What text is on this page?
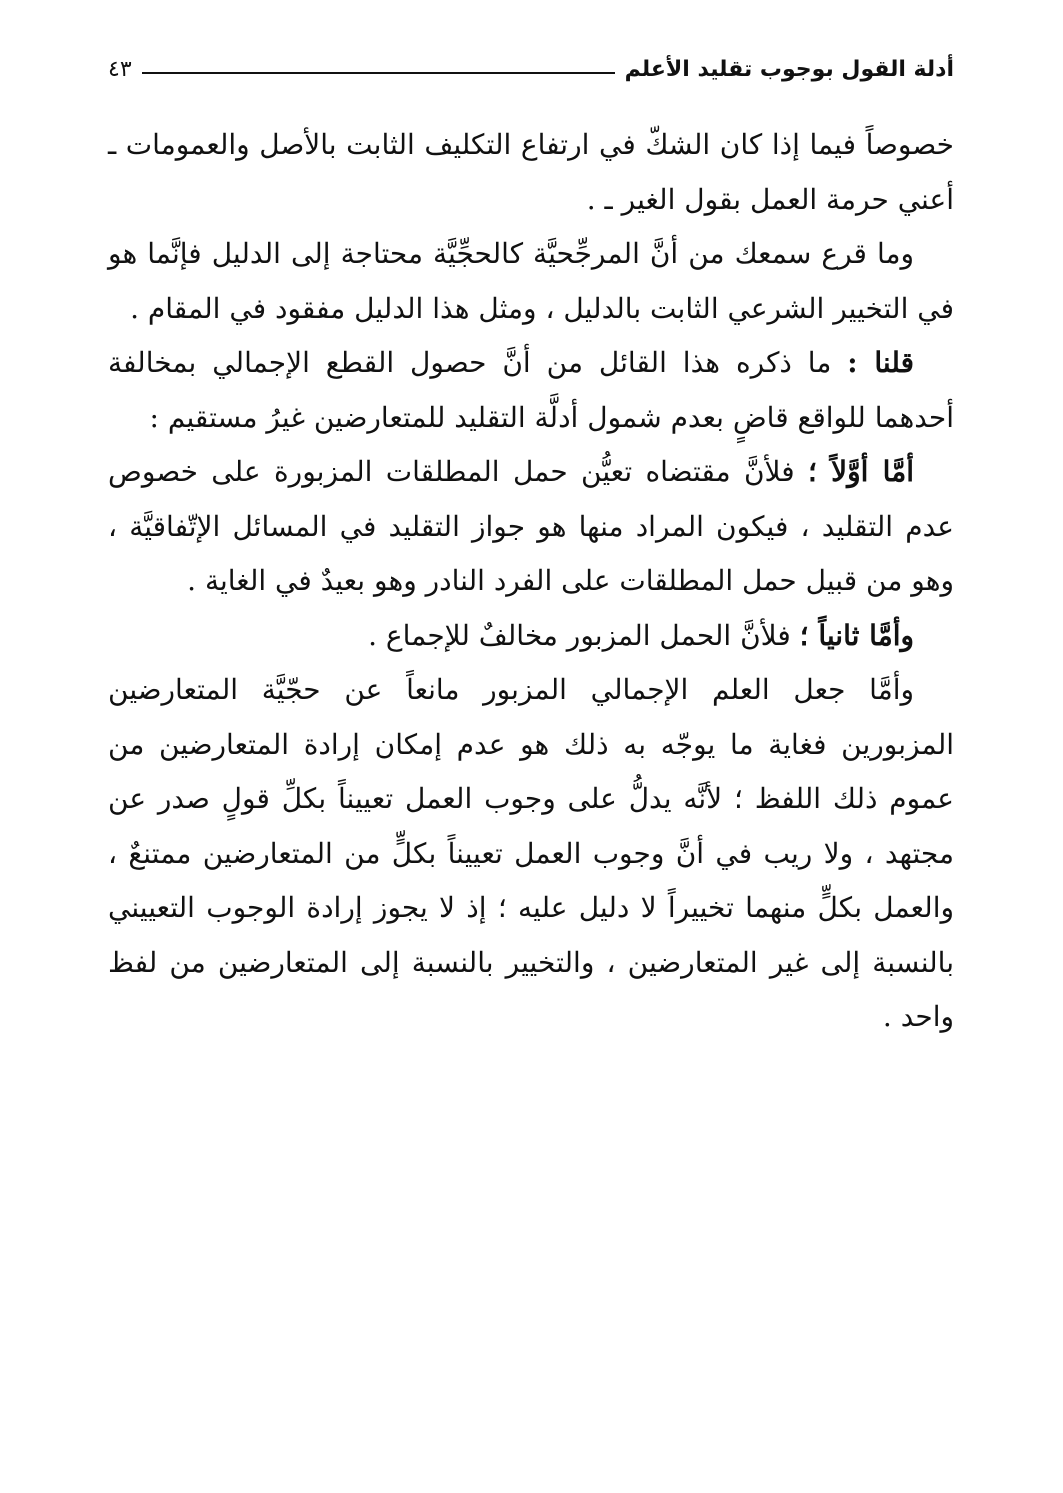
أدلة القول بوجوب تقليد الأعلم
٤٣

خصوصاً فيما إذا كان الشكّ في ارتفاع التكليف الثابت بالأصل والعمومات ـ أعني حرمة العمل بقول الغير ـ .

وما قرع سمعك من أنَّ المرجِّحيَّة كالحجِّيَّة محتاجة إلى الدليل فإنَّما هو في التخيير الشرعي الثابت بالدليل ، ومثل هذا الدليل مفقود في المقام .

قلنا : ما ذكره هذا القائل من أنَّ حصول القطع الإجمالي بمخالفة أحدهما للواقع قاضٍ بعدم شمول أدلَّة التقليد للمتعارضين غيرُ مستقيم :

أمَّا أوَّلاً ؛ فلأنَّ مقتضاه تعيُّن حمل المطلقات المزبورة على خصوص عدم التقليد ، فيكون المراد منها هو جواز التقليد في المسائل الإتّفاقيَّة ، وهو من قبيل حمل المطلقات على الفرد النادر وهو بعيدٌ في الغاية .

وأمَّا ثانياً ؛ فلأنَّ الحمل المزبور مخالفٌ للإجماع .

وأمَّا جعل العلم الإجمالي المزبور مانعاً عن حجّيَّة المتعارضين المزبورين فغاية ما يوجّه به ذلك هو عدم إمكان إرادة المتعارضين من عموم ذلك اللفظ ؛ لأنَّه يدلُّ على وجوب العمل تعييناً بكلِّ قولٍ صدر عن مجتهد ، ولا ريب في أنَّ وجوب العمل تعييناً بكلٍّ من المتعارضين ممتنعٌ ، والعمل بكلٍّ منهما تخييراً لا دليل عليه ؛ إذ لا يجوز إرادة الوجوب التعييني بالنسبة إلى غير المتعارضين ، والتخيير بالنسبة إلى المتعارضين من لفظ واحد .
